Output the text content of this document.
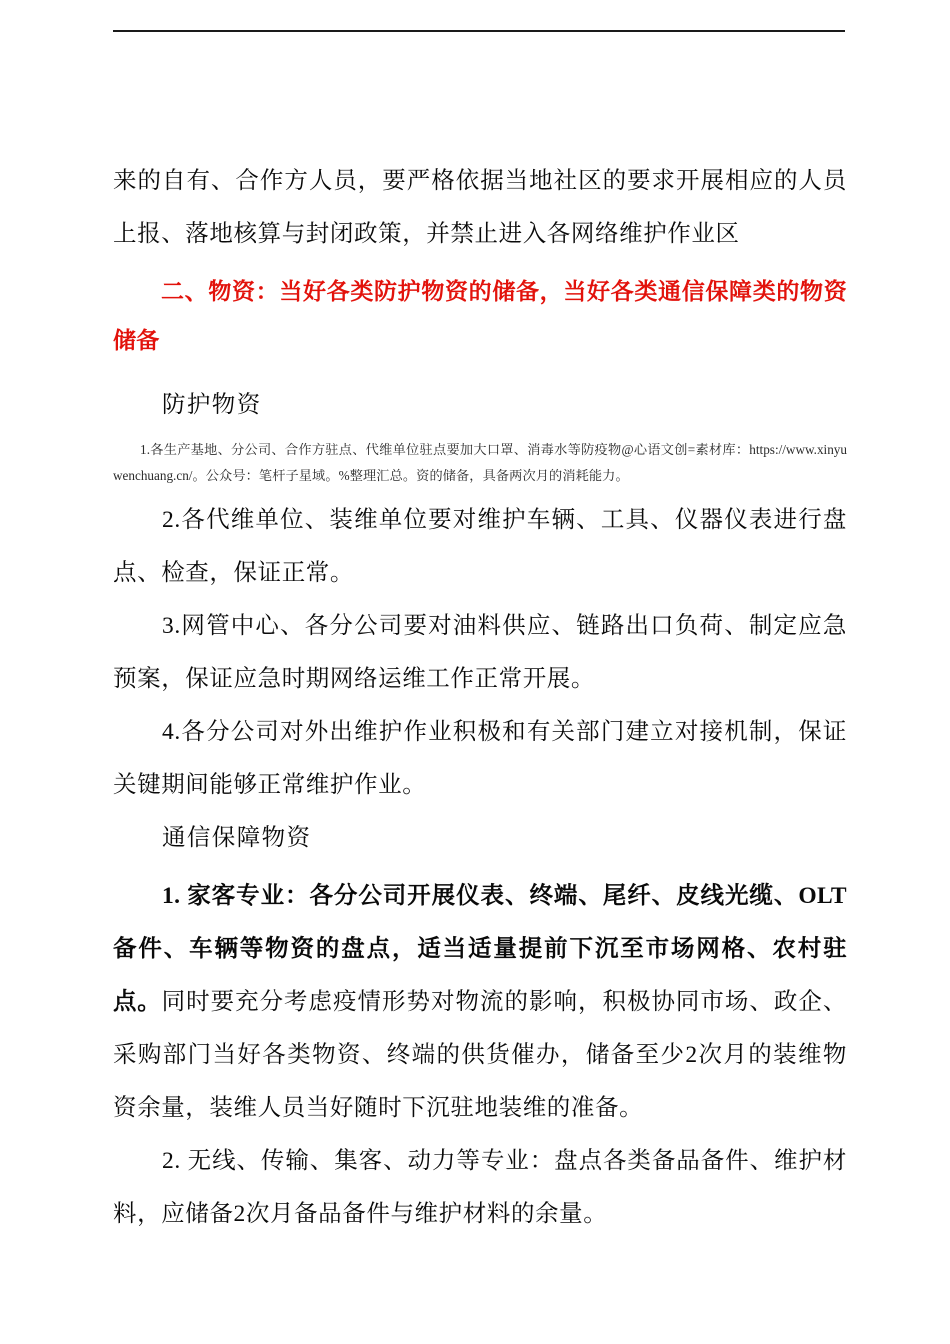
来的自有、合作方人员，要严格依据当地社区的要求开展相应的人员上报、落地核算与封闭政策，并禁止进入各网络维护作业区

二、物资：当好各类防护物资的储备，当好各类通信保障类的物资储备

防护物资

1.各生产基地、分公司、合作方驻点、代维单位驻点要加大口罩、消毒水等防疫物@心语文创=素材库：https://www.xinyuwenchuang.cn/。公众号：笔杆子星域。%整理汇总。资的储备，具备两次月的消耗能力。

2.各代维单位、装维单位要对维护车辆、工具、仪器仪表进行盘点、检查，保证正常。

3.网管中心、各分公司要对油料供应、链路出口负荷、制定应急预案，保证应急时期网络运维工作正常开展。

4.各分公司对外出维护作业积极和有关部门建立对接机制，保证关键期间能够正常维护作业。

通信保障物资

1. 家客专业：各分公司开展仪表、终端、尾纤、皮线光缆、OLT备件、车辆等物资的盘点，适当适量提前下沉至市场网格、农村驻点。同时要充分考虑疫情形势对物流的影响，积极协同市场、政企、采购部门当好各类物资、终端的供货催办，储备至少2次月的装维物资余量，装维人员当好随时下沉驻地装维的准备。

2. 无线、传输、集客、动力等专业：盘点各类备品备件、维护材料，应储备2次月备品备件与维护材料的余量。
